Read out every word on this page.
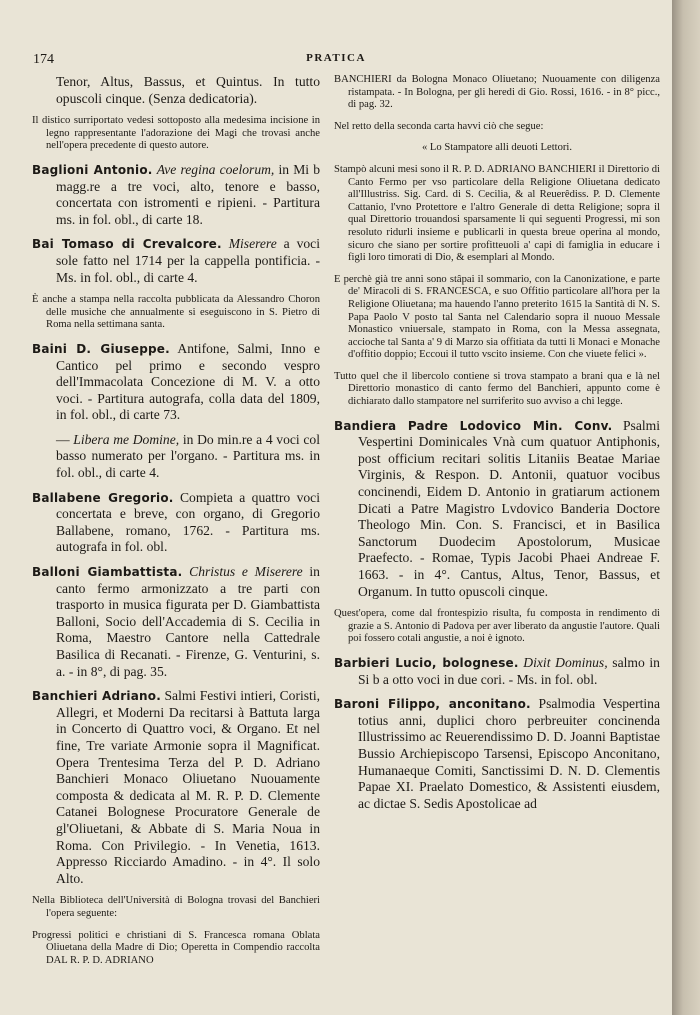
174	PRATICA

Tenor, Altus, Bassus, et Quintus. In tutto opuscoli cinque. (Senza dedicatoria).

Il distico surriportato vedesi sottoposto alla medesima incisione in legno rappresentante l'adorazione dei Magi che trovasi anche nell'opera precedente di questo autore.

Baglioni Antonio. Ave regina coelorum, in Mi b magg.re a tre voci, alto, tenore e basso, concertata con istromenti e ripieni. - Partitura ms. in fol. obl., di carte 18.

Bai Tomaso di Crevalcore. Miserere a voci sole fatto nel 1714 per la cappella pontificia. - Ms. in fol. obl., di carte 4.

È anche a stampa nella raccolta pubblicata da Alessandro Choron delle musiche che annualmente si eseguiscono in S. Pietro di Roma nella settimana santa.

Baini D. Giuseppe. Antifone, Salmi, Inno e Cantico pel primo e secondo vespro dell'Immacolata Concezione di M. V. a otto voci. - Partitura autografa, colla data del 1809, in fol. obl., di carte 73.

— Libera me Domine, in Do min.re a 4 voci col basso numerato per l'organo. - Partitura ms. in fol. obl., di carte 4.

Ballabene Gregorio. Compieta a quattro voci concertata e breve, con organo, di Gregorio Ballabene, romano, 1762. - Partitura ms. autografa in fol. obl.

Balloni Giambattista. Christus e Miserere in canto fermo armonizzato a tre parti con trasporto in musica figurata per D. Giambattista Balloni, Socio dell'Accademia di S. Cecilia in Roma, Maestro Cantore nella Cattedrale Basilica di Recanati. - Firenze, G. Venturini, s. a. - in 8°, di pag. 35.

Banchieri Adriano. Salmi Festivi intieri, Coristi, Allegri, et Moderni Da recitarsi à Battuta larga in Concerto di Quattro voci, & Organo. Et nel fine, Tre variate Armonie sopra il Magnificat. Opera Trentesima Terza del P. D. Adriano Banchieri Monaco Oliuetano Nuouamente composta & dedicata al M. R. P. D. Clemente Catanei Bolognese Procuratore Generale de gl'Oliuetani, & Abbate di S. Maria Noua in Roma. Con Privilegio. - In Venetia, 1613. Appresso Ricciardo Amadino. - in 4°. Il solo Alto.

Nella Biblioteca dell'Università di Bologna trovasi del Banchieri l'opera seguente:

Progressi politici e christiani di S. Francesca romana Oblata Oliuetana della Madre di Dio; Operetta in Compendio raccolta DAL R. P. D. ADRIANO

BANCHIERI da Bologna Monaco Oliuetano; Nuouamente con diligenza ristampata. - In Bologna, per gli heredi di Gio. Rossi, 1616. - in 8° picc., di pag. 32.

Nel retto della seconda carta havvi ciò che segue:

« Lo Stampatore alli deuoti Lettori.

Stampò alcuni mesi sono il R. P. D. ADRIANO BANCHIERI il Direttorio di Canto Fermo per vso particolare della Religione Oliuetana dedicato all'Illustriss. Sig. Card. di S. Cecilia, & al Reuerêdiss. P. D. Clemente Cattanio, l'vno Protettore e l'altro Generale di detta Religione; sopra il qual Direttorio trouandosi sparsamente li qui seguenti Progressi, mi son resoluto ridurli insieme e publicarli in questa breue operina al mondo, sicuro che siano per sortire profitteuoli a' capi di famiglia in educare i figli loro timorati di Dio, & esemplari al Mondo.

E perchè già tre anni sono stâpai il sommario, con la Canonizatione, e parte de' Miracoli di S. FRANCESCA, e suo Offitio particolare all'hora per la Religione Oliuetana; ma hauendo l'anno preterito 1615 la Santità di N. S. Papa Paolo V posto tal Santa nel Calendario sopra il nuouo Messale Monastico vniuersale, stampato in Roma, con la Messa assegnata, accioche tal Santa a' 9 di Marzo sia offitiata da tutti li Monaci e Monache d'offitio doppio; Eccoui il tutto vscito insieme. Con che viuete felici ».

Tutto quel che il libercolo contiene si trova stampato a brani qua e là nel Direttorio monastico di canto fermo del Banchieri, appunto come è dichiarato dallo stampatore nel surriferito suo avviso a chi legge.

Bandiera Padre Lodovico Min. Conv. Psalmi Vespertini Dominicales Vnà cum quatuor Antiphonis, post officium recitari solitis Litaniis Beatae Mariae Virginis, & Respon. D. Antonii, quatuor vocibus concinendi, Eidem D. Antonio in gratiarum actionem Dicati a Patre Magistro Lvdovico Banderia Doctore Theologo Min. Con. S. Francisci, et in Basilica Sanctorum Duodecim Apostolorum, Musicae Praefecto. - Romae, Typis Jacobi Phaei Andreae F. 1663. - in 4°. Cantus, Altus, Tenor, Bassus, et Organum. In tutto opuscoli cinque.

Quest'opera, come dal frontespizio risulta, fu composta in rendimento di grazie a S. Antonio di Padova per aver liberato da angustie l'autore. Quali poi fossero cotali angustie, a noi è ignoto.

Barbieri Lucio, bolognese. Dixit Dominus, salmo in Si b a otto voci in due cori. - Ms. in fol. obl.

Baroni Filippo, anconitano. Psalmodia Vespertina totius anni, duplici choro perbreuiter concinenda Illustrissimo ac Reuerendissimo D. D. Joanni Baptistae Bussio Archiepiscopo Tarsensi, Episcopo Anconitano, Humanaeque Comiti, Sanctissimi D. N. D. Clementis Papae XI. Praelato Domestico, & Assistenti eiusdem, ac dictae S. Sedis Apostolicae ad
